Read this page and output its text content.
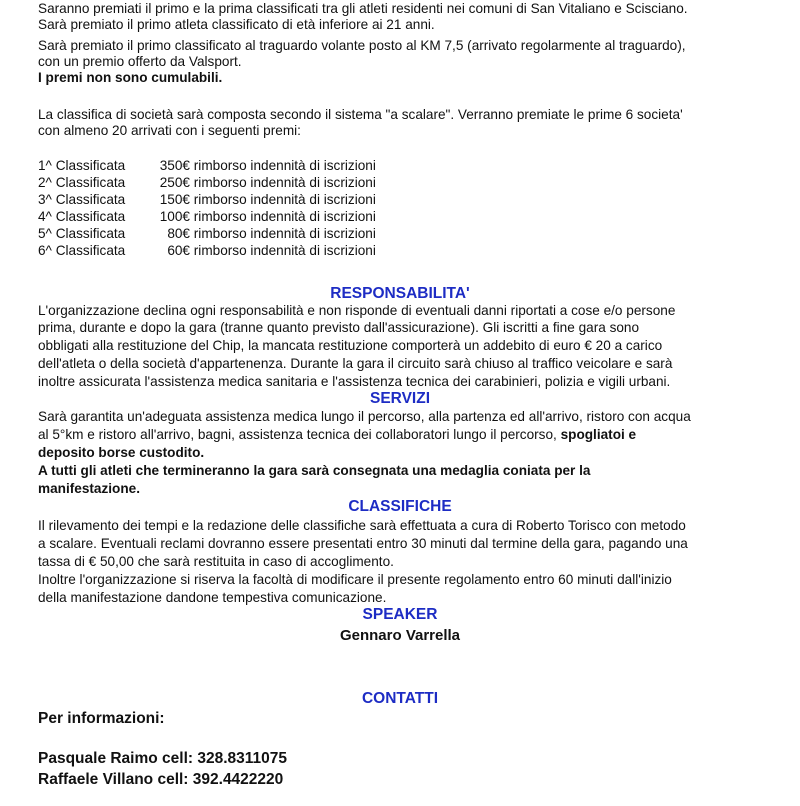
Saranno premiati il primo e la prima classificati tra gli atleti residenti nei comuni di San Vitaliano e Scisciano.
Sarà premiato il primo atleta classificato di età inferiore ai 21 anni.
Sarà premiato il primo classificato al traguardo volante posto al KM 7,5 (arrivato regolarmente al traguardo),
con un premio offerto da Valsport.
I premi non sono cumulabili.
La classifica di società sarà composta secondo il sistema "a scalare". Verranno premiate le prime 6 societa'
con almeno 20 arrivati con i seguenti premi:
1^ Classificata	350€ rimborso indennità di iscrizioni
2^ Classificata	250€ rimborso indennità di iscrizioni
3^ Classificata	150€ rimborso indennità di iscrizioni
4^ Classificata	100€ rimborso indennità di iscrizioni
5^ Classificata	80€ rimborso indennità di iscrizioni
6^ Classificata	60€ rimborso indennità di iscrizioni
RESPONSABILITA'
L'organizzazione declina ogni responsabilità e non risponde di eventuali danni riportati a cose e/o persone
prima, durante e dopo la gara (tranne quanto previsto dall'assicurazione). Gli iscritti a fine gara sono
obbligati alla restituzione del Chip, la mancata restituzione comporterà un addebito di euro € 20 a carico
dell'atleta o della società d'appartenenza. Durante la gara il circuito sarà chiuso al traffico veicolare e sarà
inoltre assicurata l'assistenza medica sanitaria e l'assistenza tecnica dei carabinieri, polizia e vigili urbani.
SERVIZI
Sarà garantita un'adeguata assistenza medica lungo il percorso, alla partenza ed all'arrivo, ristoro con acqua
al 5°km e ristoro all'arrivo, bagni, assistenza tecnica dei collaboratori lungo il percorso, spogliatoi e
deposito borse custodito.
A tutti gli atleti che termineranno la gara sarà consegnata una medaglia coniata per la
manifestazione.
CLASSIFICHE
Il rilevamento dei tempi e la redazione delle classifiche sarà effettuata a cura di Roberto Torisco con metodo
a scalare. Eventuali reclami dovranno essere presentati entro 30 minuti dal termine della gara, pagando una
tassa di € 50,00 che sarà restituita in caso di accoglimento.
Inoltre l'organizzazione si riserva la facoltà di modificare il presente regolamento entro 60 minuti dall'inizio
della manifestazione dandone tempestiva comunicazione.
SPEAKER
Gennaro Varrella
CONTATTI
Per informazioni:
Pasquale Raimo cell: 328.8311075
Raffaele Villano cell: 392.4422220
